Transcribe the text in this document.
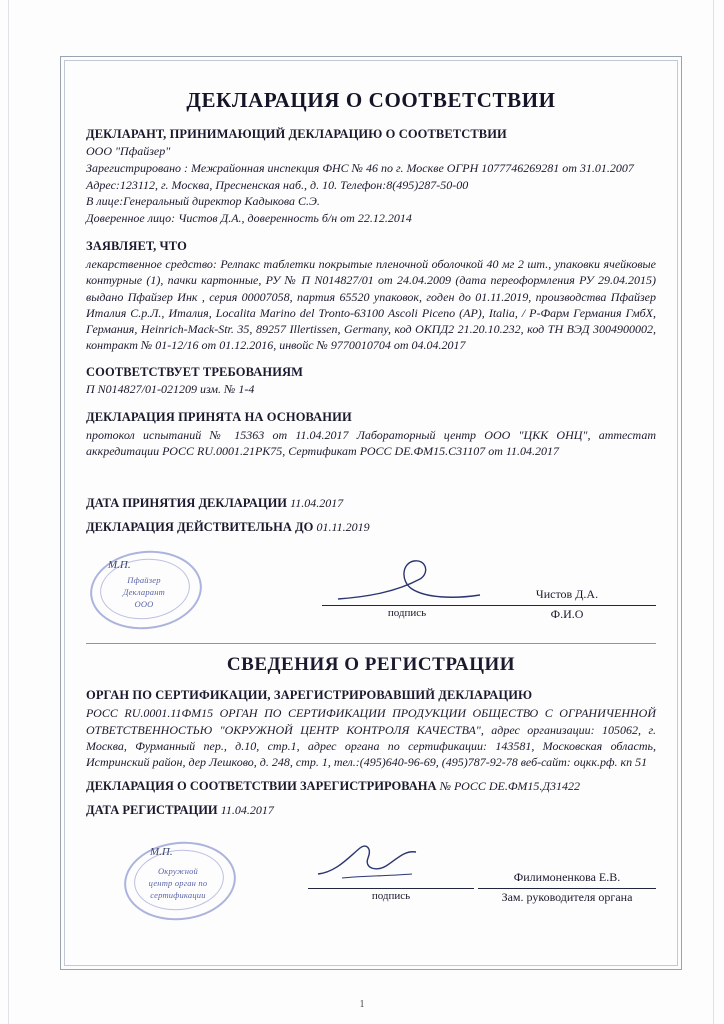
ДЕКЛАРАЦИЯ О СООТВЕТСТВИИ
ДЕКЛАРАНТ, ПРИНИМАЮЩИЙ ДЕКЛАРАЦИЮ О СООТВЕТСТВИИ

ООО "Пфайзер"

Зарегистрировано : Межрайонная инспекция ФНС № 46 по г. Москве ОГРН 1077746269281 от 31.01.2007

Адрес:123112, г. Москва, Пресненская наб., д. 10. Телефон:8(495)287-50-00

В лице:Генеральный директор Кадыкова С.Э.

Доверенное лицо: Чистов Д.А., доверенность б/н от 22.12.2014

ЗАЯВЛЯЕТ, ЧТО

лекарственное средство: Релпакс таблетки покрытые пленочной оболочкой 40 мг 2 шт., упаковки ячейковые контурные (1), пачки картонные, РУ № П N014827/01 от 24.04.2009 (дата переоформления РУ 29.04.2015) выдано Пфайзер Инк , серия 00007058, партия 65520 упаковок, годен до 01.11.2019, производства Пфайзер Италия С.р.Л., Италия, Localita Marino del Tronto-63100 Ascoli Piceno (AP), Italia, / Р-Фарм Германия ГмбХ, Германия, Heinrich-Mack-Str. 35, 89257 Illertissen, Germany, код ОКПД2 21.20.10.232, код ТН ВЭД 3004900002, контракт № 01-12/16 от 01.12.2016, инвойс № 9770010704 от 04.04.2017

СООТВЕТСТВУЕТ ТРЕБОВАНИЯМ

П N014827/01-021209 изм. № 1-4

ДЕКЛАРАЦИЯ ПРИНЯТА НА ОСНОВАНИИ

протокол испытаний № 15363 от 11.04.2017 Лабораторный центр ООО "ЦКК ОНЦ", аттестат аккредитации РОСС RU.0001.21РК75, Сертификат РОСС DE.ФМ15.С31107 от 11.04.2017

ДАТА ПРИНЯТИЯ ДЕКЛАРАЦИИ 11.04.2017

ДЕКЛАРАЦИЯ ДЕЙСТВИТЕЛЬНА ДО 01.11.2019

М.П.
Пфайзер
Декларант
ООО
подпись
Чистов Д.А.
Ф.И.О
СВЕДЕНИЯ О РЕГИСТРАЦИИ
ОРГАН ПО СЕРТИФИКАЦИИ, ЗАРЕГИСТРИРОВАВШИЙ ДЕКЛАРАЦИЮ

РОСС RU.0001.11ФМ15 ОРГАН ПО СЕРТИФИКАЦИИ ПРОДУКЦИИ ОБЩЕСТВО С ОГРАНИЧЕННОЙ ОТВЕТСТВЕННОСТЬЮ "ОКРУЖНОЙ ЦЕНТР КОНТРОЛЯ КАЧЕСТВА", адрес организации: 105062, г. Москва, Фурманный пер., д.10, стр.1, адрес органа по сертификации: 143581, Московская область, Истринский район, дер Лешково, д. 248, стр. 1, тел.:(495)640-96-69, (495)787-92-78 веб-сайт: оцкк.рф. кп 51

ДЕКЛАРАЦИЯ О СООТВЕТСТВИИ ЗАРЕГИСТРИРОВАНА № РОСС DE.ФМ15.Д31422

ДАТА РЕГИСТРАЦИИ 11.04.2017

М.П.
Окружной
центр орган по
сертификации	подпись
Филимоненкова Е.В.
Зам. руководителя органа
1
